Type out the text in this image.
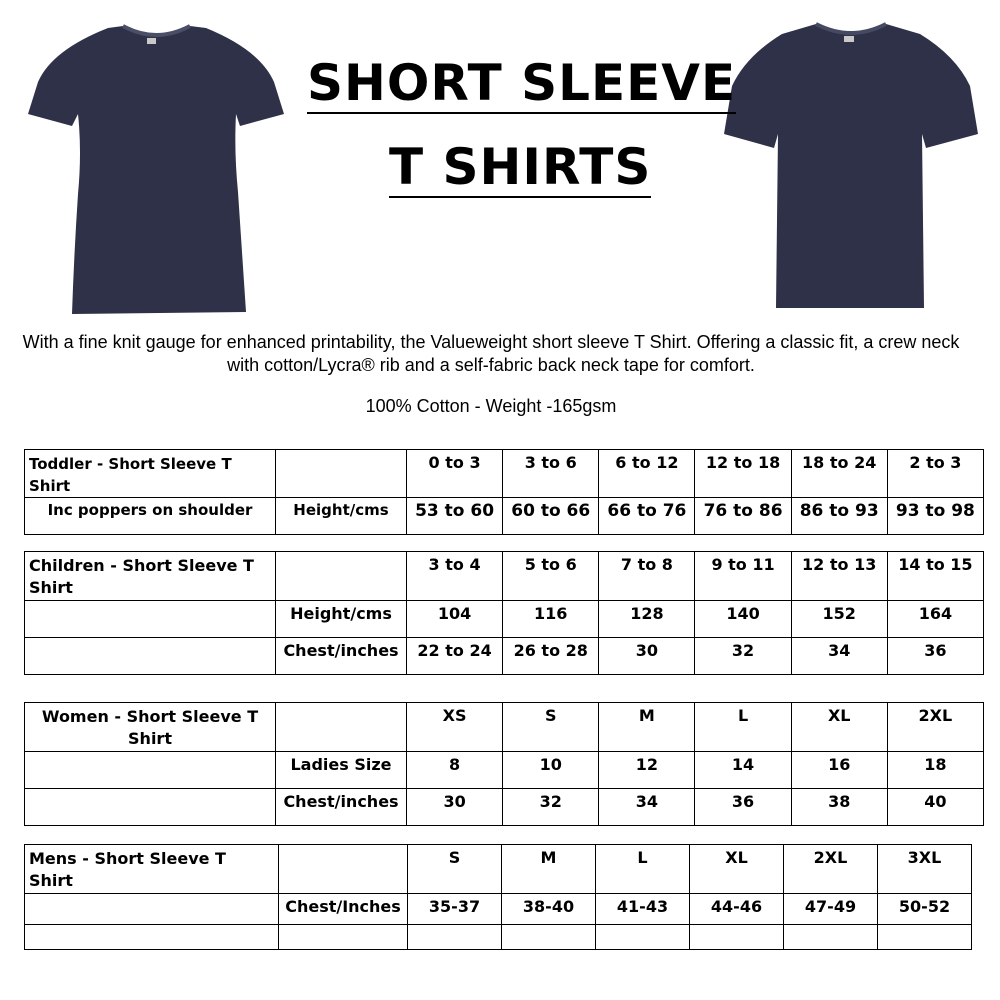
SHORT SLEEVE
T SHIRTS
With a fine knit gauge for enhanced printability, the Valueweight short sleeve T Shirt. Offering a classic fit, a crew neck with cotton/Lycra® rib and a self-fabric back neck tape for comfort.
100% Cotton - Weight -165gsm
Toddler - Short Sleeve T Shirt		0 to 3	3 to 6	6 to 12	12 to 18	18 to 24	2 to 3
Inc poppers on shoulder	Height/cms	53 to 60	60 to 66	66 to 76	76 to 86	86 to 93	93 to 98
Children - Short Sleeve T Shirt		3 to 4	5 to 6	7 to 8	9 to 11	12 to 13	14 to 15
	Height/cms	104	116	128	140	152	164
	Chest/inches	22 to 24	26 to 28	30	32	34	36
Women - Short Sleeve T Shirt		XS	S	M	L	XL	2XL
	Ladies Size	8	10	12	14	16	18
	Chest/inches	30	32	34	36	38	40
Mens - Short Sleeve T Shirt		S	M	L	XL	2XL	3XL
	Chest/Inches	35-37	38-40	41-43	44-46	47-49	50-52
